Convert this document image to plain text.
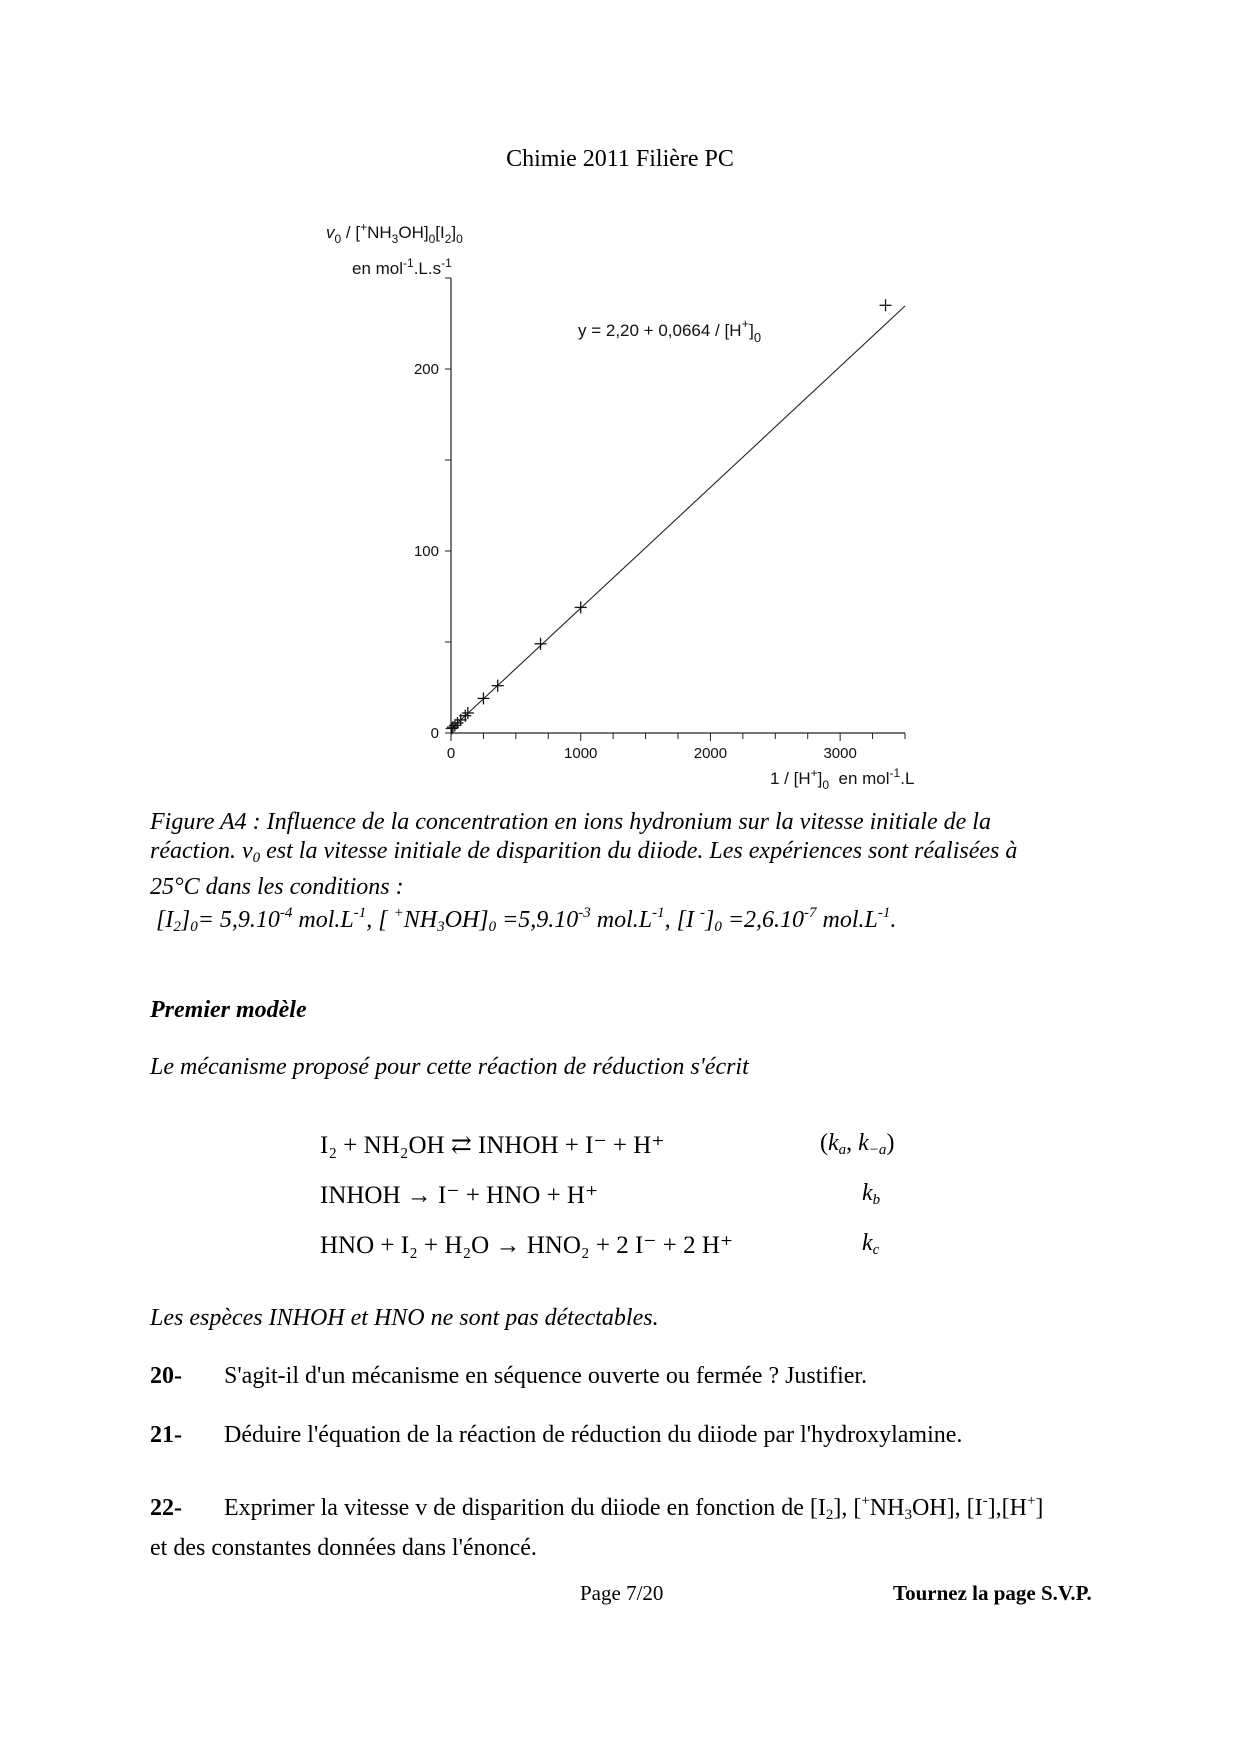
Chimie 2011 Filière PC
0
100
200
0	1000	2000	3000
$v_0 / [^+NH_3OH]_0[I_2]_0$
en $mol^{-1}.L.s^{-1}$
$1 / [H^+]_0$  en mol$^{-1}$.L
$y = 2,20 + 0,0664 / [H^+]_0$
Figure A4 : Influence de la concentration en ions hydronium sur la vitesse initiale de la
réaction. $v_0$ est la vitesse initiale de disparition du diiode. Les expériences sont réalisées à
25°C dans les conditions :
$[I_2]_0= 5,9.10^{-4}$ $mol.L^{-1}$, [ $^+NH_3OH]_0 =5,9.10^{-3}$ $mol.L^{-1}$, [I $^-]_0 =2,6.10^{-7}$ $mol.L^{-1}$.
Premier modèle
Le mécanisme proposé pour cette réaction de réduction s'écrit
I₂ + NH₂OH ⇄ INHOH + I⁻ + H⁺	($k_a$, $k_{-a}$)
INHOH → I⁻ + HNO + H⁺	$k_b$
HNO + I₂ + H₂O → HNO₂ + 2 I⁻ + 2 H⁺	$k_c$
Les espèces INHOH et HNO ne sont pas détectables.
20- S'agit-il d'un mécanisme en séquence ouverte ou fermée ? Justifier.
21- Déduire l'équation de la réaction de réduction du diiode par l'hydroxylamine.
22- Exprimer la vitesse v de disparition du diiode en fonction de $[I_2]$, $[^+NH_3OH]$, [I-],[H+]
et des constantes données dans l'énoncé.
Page 7/20	Tournez la page S.V.P.
